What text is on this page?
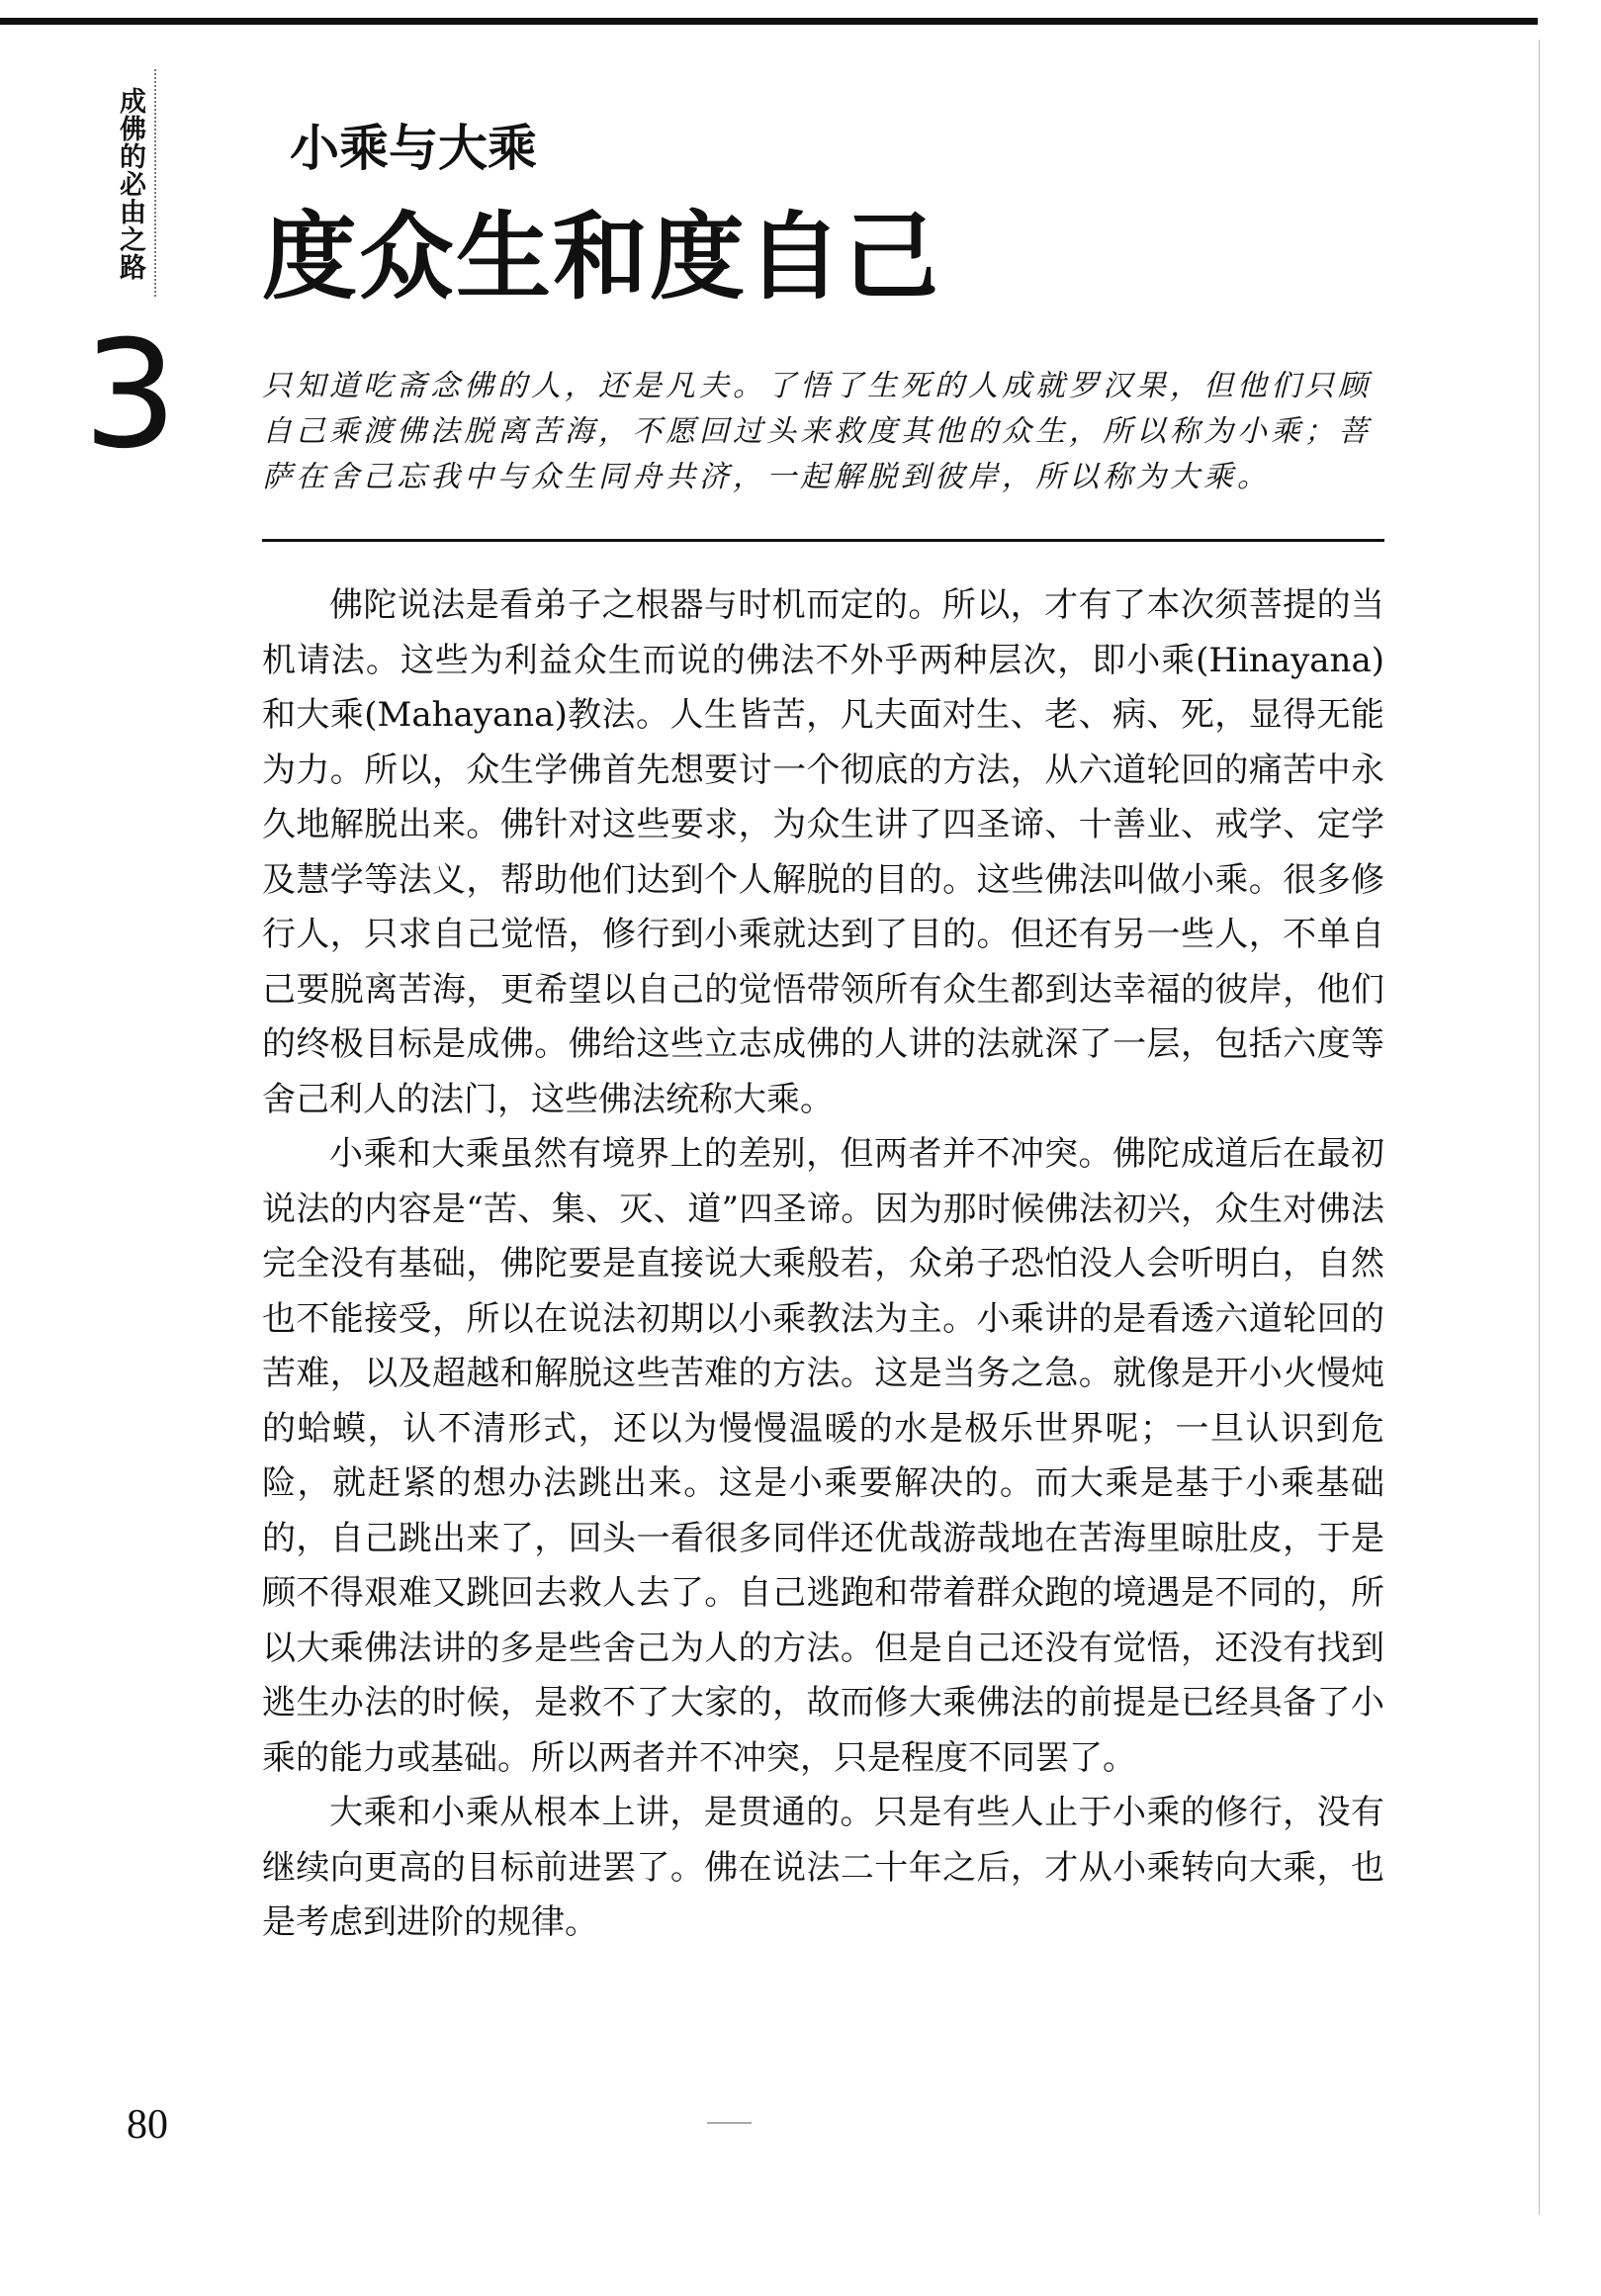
成佛的必由之路
3
小乘与大乘
度众生和度自己
只知道吃斋念佛的人，还是凡夫。了悟了生死的人成就罗汉果，但他们只顾自己乘渡佛法脱离苦海，不愿回过头来救度其他的众生，所以称为小乘；菩萨在舍己忘我中与众生同舟共济，一起解脱到彼岸，所以称为大乘。

佛陀说法是看弟子之根器与时机而定的。所以，才有了本次须菩提的当机请法。这些为利益众生而说的佛法不外乎两种层次，即小乘(Hinayana)和大乘(Mahayana)教法。人生皆苦，凡夫面对生、老、病、死，显得无能为力。所以，众生学佛首先想要讨一个彻底的方法，从六道轮回的痛苦中永久地解脱出来。佛针对这些要求，为众生讲了四圣谛、十善业、戒学、定学及慧学等法义，帮助他们达到个人解脱的目的。这些佛法叫做小乘。很多修行人，只求自己觉悟，修行到小乘就达到了目的。但还有另一些人，不单自己要脱离苦海，更希望以自己的觉悟带领所有众生都到达幸福的彼岸，他们的终极目标是成佛。佛给这些立志成佛的人讲的法就深了一层，包括六度等舍己利人的法门，这些佛法统称大乘。

小乘和大乘虽然有境界上的差别，但两者并不冲突。佛陀成道后在最初说法的内容是“苦、集、灭、道”四圣谛。因为那时候佛法初兴，众生对佛法完全没有基础，佛陀要是直接说大乘般若，众弟子恐怕没人会听明白，自然也不能接受，所以在说法初期以小乘教法为主。小乘讲的是看透六道轮回的苦难，以及超越和解脱这些苦难的方法。这是当务之急。就像是开小火慢炖的蛤蟆，认不清形式，还以为慢慢温暖的水是极乐世界呢；一旦认识到危险，就赶紧的想办法跳出来。这是小乘要解决的。而大乘是基于小乘基础的，自己跳出来了，回头一看很多同伴还优哉游哉地在苦海里晾肚皮，于是顾不得艰难又跳回去救人去了。自己逃跑和带着群众跑的境遇是不同的，所以大乘佛法讲的多是些舍己为人的方法。但是自己还没有觉悟，还没有找到逃生办法的时候，是救不了大家的，故而修大乘佛法的前提是已经具备了小乘的能力或基础。所以两者并不冲突，只是程度不同罢了。

大乘和小乘从根本上讲，是贯通的。只是有些人止于小乘的修行，没有继续向更高的目标前进罢了。佛在说法二十年之后，才从小乘转向大乘，也是考虑到进阶的规律。

80
